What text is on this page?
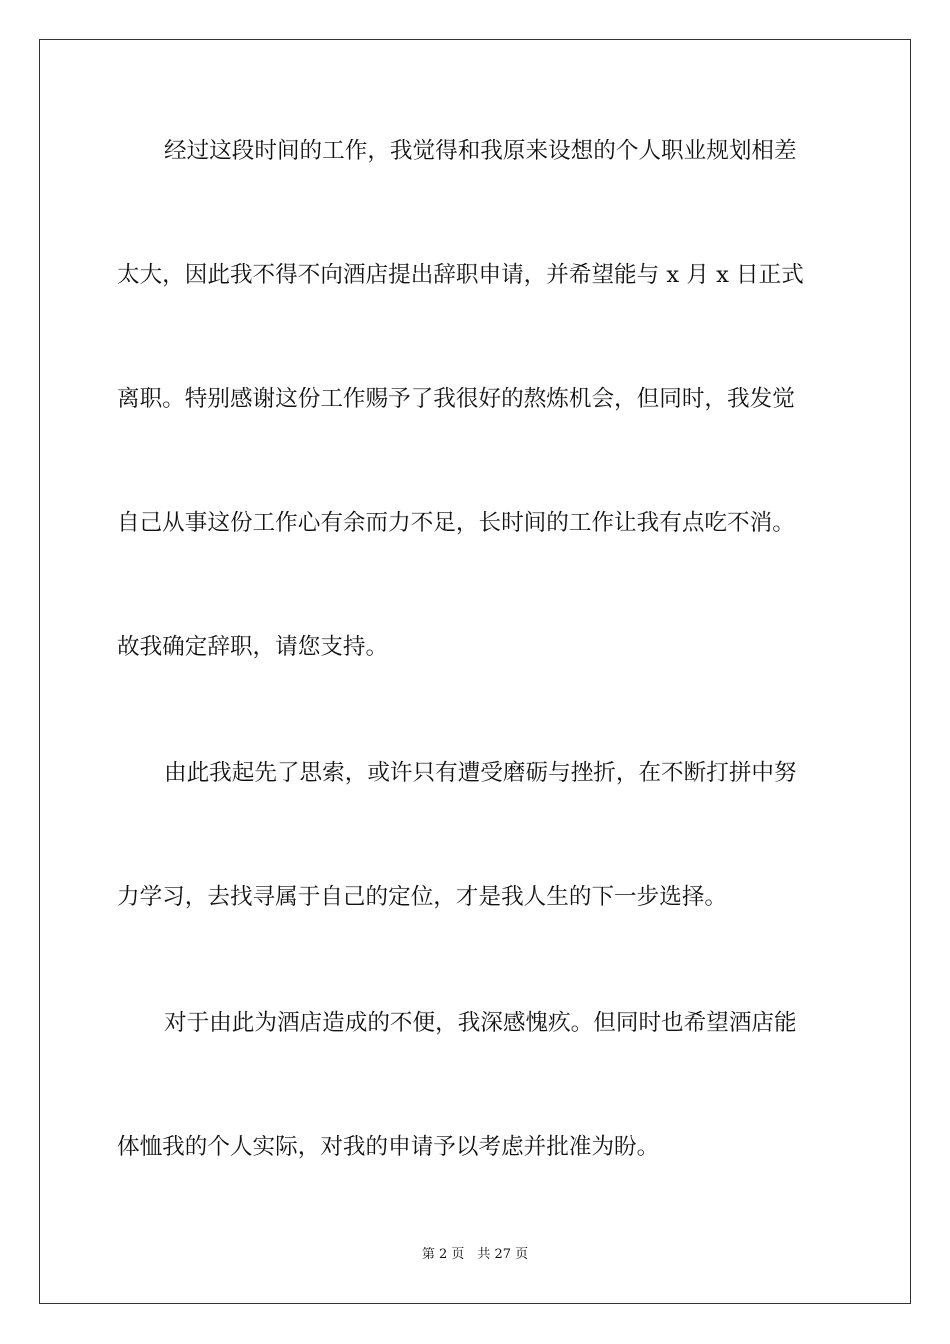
经过这段时间的工作，我觉得和我原来设想的个人职业规划相差
太大，因此我不得不向酒店提出辞职申请，并希望能与 x 月 x 日正式
离职。特别感谢这份工作赐予了我很好的熬炼机会，但同时，我发觉
自己从事这份工作心有余而力不足，长时间的工作让我有点吃不消。
故我确定辞职，请您支持。
由此我起先了思索，或许只有遭受磨砺与挫折，在不断打拼中努
力学习，去找寻属于自己的定位，才是我人生的下一步选择。
对于由此为酒店造成的不便，我深感愧疚。但同时也希望酒店能
体恤我的个人实际，对我的申请予以考虑并批准为盼。
第 2 页　共 27 页
